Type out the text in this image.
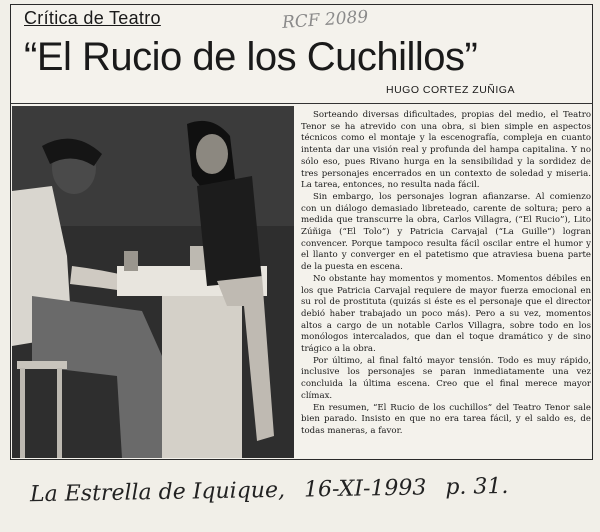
Crítica de Teatro	RCF 2089
“El Rucio de los Cuchillos”
HUGO CORTEZ ZUÑIGA

Sorteando diversas dificultades, propias del medio, el Teatro Tenor se ha atrevido con una obra, si bien simple en aspectos técnicos como el montaje y la escenografía, compleja en cuanto intenta dar una visión real y profunda del hampa capitalina. Y no sólo eso, pues Rivano hurga en la sensibilidad y la sordidez de tres personajes encerrados en un contexto de soledad y miseria. La tarea, entonces, no resulta nada fácil.

Sin embargo, los personajes logran afianzarse. Al comienzo con un diálogo demasiado libreteado, carente de soltura; pero a medida que transcurre la obra, Carlos Villagra, (“El Rucio”), Lito Zúñiga (“El Tolo”) y Patricia Carvajal (“La Guille”) logran convencer. Porque tampoco resulta fácil oscilar entre el humor y el llanto y converger en el patetismo que atraviesa buena parte de la puesta en escena.

No obstante hay momentos y momentos. Momentos débiles en los que Patricia Carvajal requiere de mayor fuerza emocional en su rol de prostituta (quizás si éste es el personaje que el director debió haber trabajado un poco más). Pero a su vez, momentos altos a cargo de un notable Carlos Villagra, sobre todo en los monólogos intercalados, que dan el toque dramático y de sino trágico a la obra.

Por último, al final faltó mayor tensión. Todo es muy rápido, inclusive los personajes se paran inmediatamente una vez concluida la última escena. Creo que el final merece mayor clímax.

En resumen, “El Rucio de los cuchillos” del Teatro Tenor sale bien parado. Insisto en que no era tarea fácil, y el saldo es, de todas maneras, a favor.

La Estrella de Iquique, 16-XI-1993 p. 31.
